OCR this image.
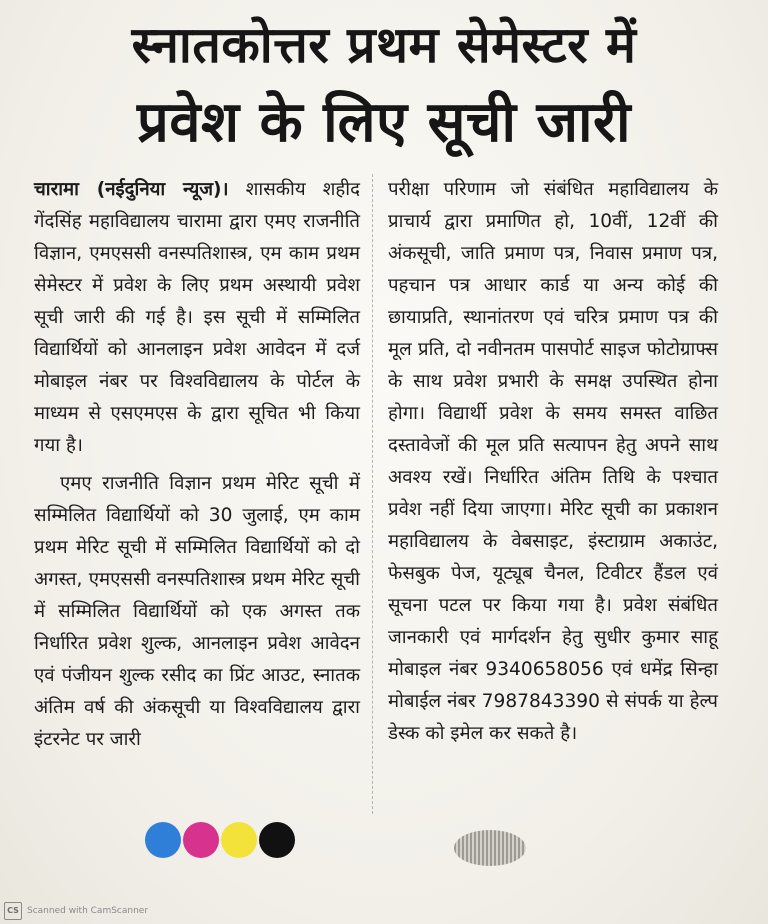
स्नातकोत्तर प्रथम सेमेस्टर में
प्रवेश के लिए सूची जारी

चारामा (नईदुनिया न्यूज)। शासकीय शहीद गेंदसिंह महाविद्यालय चारामा द्वारा एमए राजनीति विज्ञान, एमएससी वनस्पतिशास्त्र, एम काम प्रथम सेमेस्टर में प्रवेश के लिए प्रथम अस्थायी प्रवेश सूची जारी की गई है। इस सूची में सम्मिलित विद्यार्थियों को आनलाइन प्रवेश आवेदन में दर्ज मोबाइल नंबर पर विश्वविद्यालय के पोर्टल के माध्यम से एसएमएस के द्वारा सूचित भी किया गया है।

एमए राजनीति विज्ञान प्रथम मेरिट सूची में सम्मिलित विद्यार्थियों को 30 जुलाई, एम काम प्रथम मेरिट सूची में सम्मिलित विद्यार्थियों को दो अगस्त, एमएससी वनस्पतिशास्त्र प्रथम मेरिट सूची में सम्मिलित विद्यार्थियों को एक अगस्त तक निर्धारित प्रवेश शुल्क, आनलाइन प्रवेश आवेदन एवं पंजीयन शुल्क रसीद का प्रिंट आउट, स्नातक अंतिम वर्ष की अंकसूची या विश्वविद्यालय द्वारा इंटरनेट पर जारी

परीक्षा परिणाम जो संबंधित महाविद्यालय के प्राचार्य द्वारा प्रमाणित हो, 10वीं, 12वीं की अंकसूची, जाति प्रमाण पत्र, निवास प्रमाण पत्र, पहचान पत्र आधार कार्ड या अन्य कोई की छायाप्रति, स्थानांतरण एवं चरित्र प्रमाण पत्र की मूल प्रति, दो नवीनतम पासपोर्ट साइज फोटोग्राफ्स के साथ प्रवेश प्रभारी के समक्ष उपस्थित होना होगा। विद्यार्थी प्रवेश के समय समस्त वाछित दस्तावेजों की मूल प्रति सत्यापन हेतु अपने साथ अवश्य रखें। निर्धारित अंतिम तिथि के पश्चात प्रवेश नहीं दिया जाएगा। मेरिट सूची का प्रकाशन महाविद्यालय के वेबसाइट, इंस्टाग्राम अकाउंट, फेसबुक पेज, यूट्यूब चैनल, टिवीटर हैंडल एवं सूचना पटल पर किया गया है। प्रवेश संबंधित जानकारी एवं मार्गदर्शन हेतु सुधीर कुमार साहू मोबाइल नंबर 9340658056 एवं धमेंद्र सिन्हा मोबाईल नंबर 7987843390 से संपर्क या हेल्प डेस्क को इमेल कर सकते है।

CS Scanned with CamScanner
